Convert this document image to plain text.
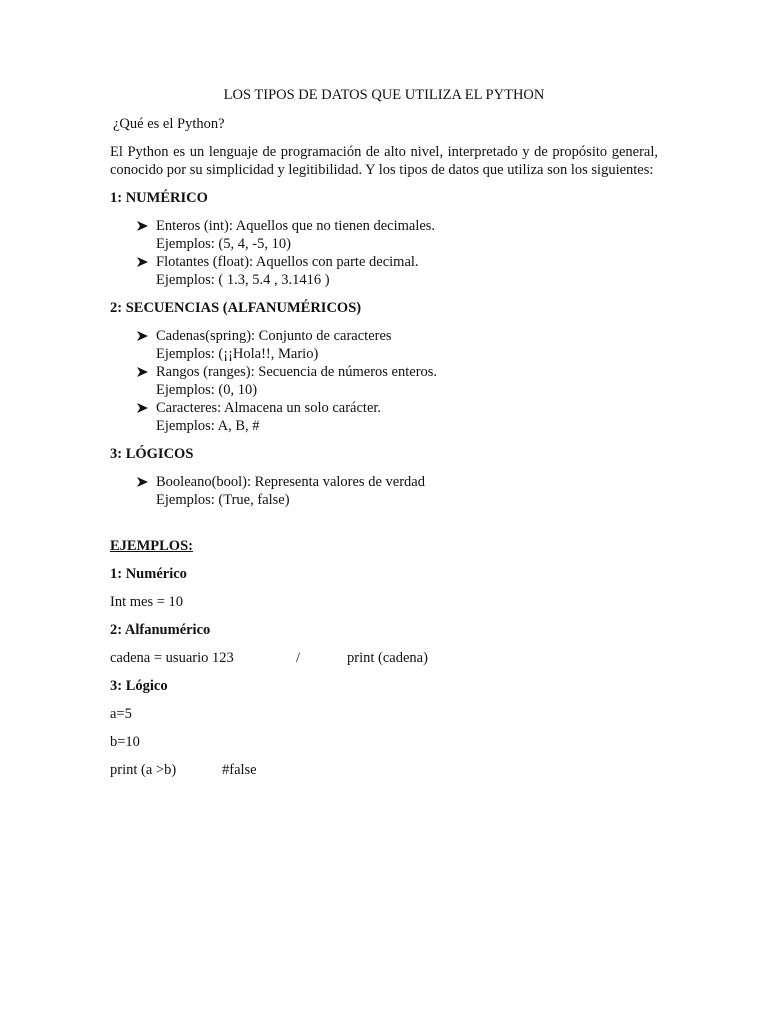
LOS TIPOS DE DATOS QUE UTILIZA EL PYTHON

¿Qué es el Python?

El Python es un lenguaje de programación de alto nivel, interpretado y de propósito general, conocido por su simplicidad y legitibilidad. Y los tipos de datos que utiliza son los siguientes:

1: NUMÉRICO

Enteros (int): Aquellos que no tienen decimales.
Ejemplos: (5, 4, -5, 10)
Flotantes (float): Aquellos con parte decimal.
Ejemplos: ( 1.3, 5.4 , 3.1416 )

2: SECUENCIAS (ALFANUMÉRICOS)

Cadenas(spring): Conjunto de caracteres
Ejemplos: (¡¡Hola!!, Mario)
Rangos (ranges): Secuencia de números enteros.
Ejemplos: (0, 10)
Caracteres: Almacena un solo carácter.
Ejemplos: A, B, #

3: LÓGICOS

Booleano(bool): Representa valores de verdad
Ejemplos: (True, false)

EJEMPLOS:

1: Numérico

Int mes = 10

2: Alfanumérico

cadena = usuario 123	/	print (cadena)

3: Lógico

a=5

b=10

print (a >b)	#false
